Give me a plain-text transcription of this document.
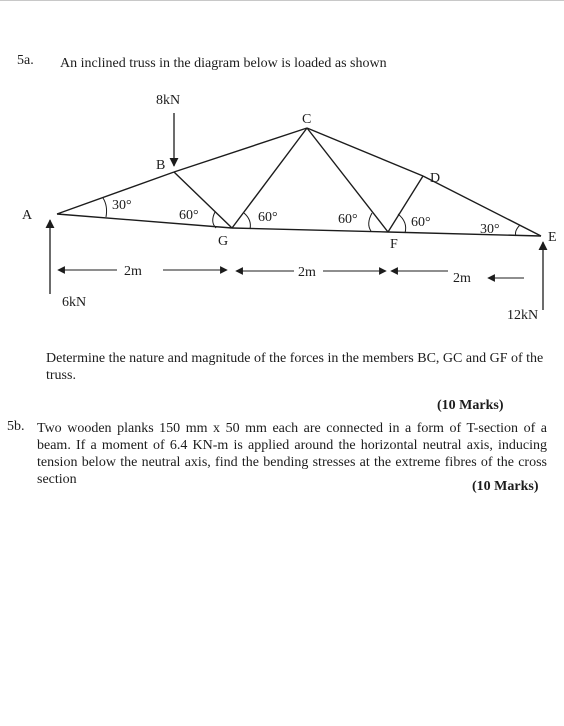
5a. An inclined truss in the diagram below is loaded as shown
8kN
A
B
C
D
E
F
G
30°
60°	60°	60°	60°	30°
2m	2m	2m
6kN
12kN
Determine the nature and magnitude of the forces in the members BC, GC and GF of the truss.
(10 Marks)
5b. Two wooden planks 150 mm x 50 mm each are connected in a form of T-section of a beam. If a moment of 6.4 KN-m is applied around the horizontal neutral axis, inducing tension below the neutral axis, find the bending stresses at the extreme fibres of the cross section	(10 Marks)
